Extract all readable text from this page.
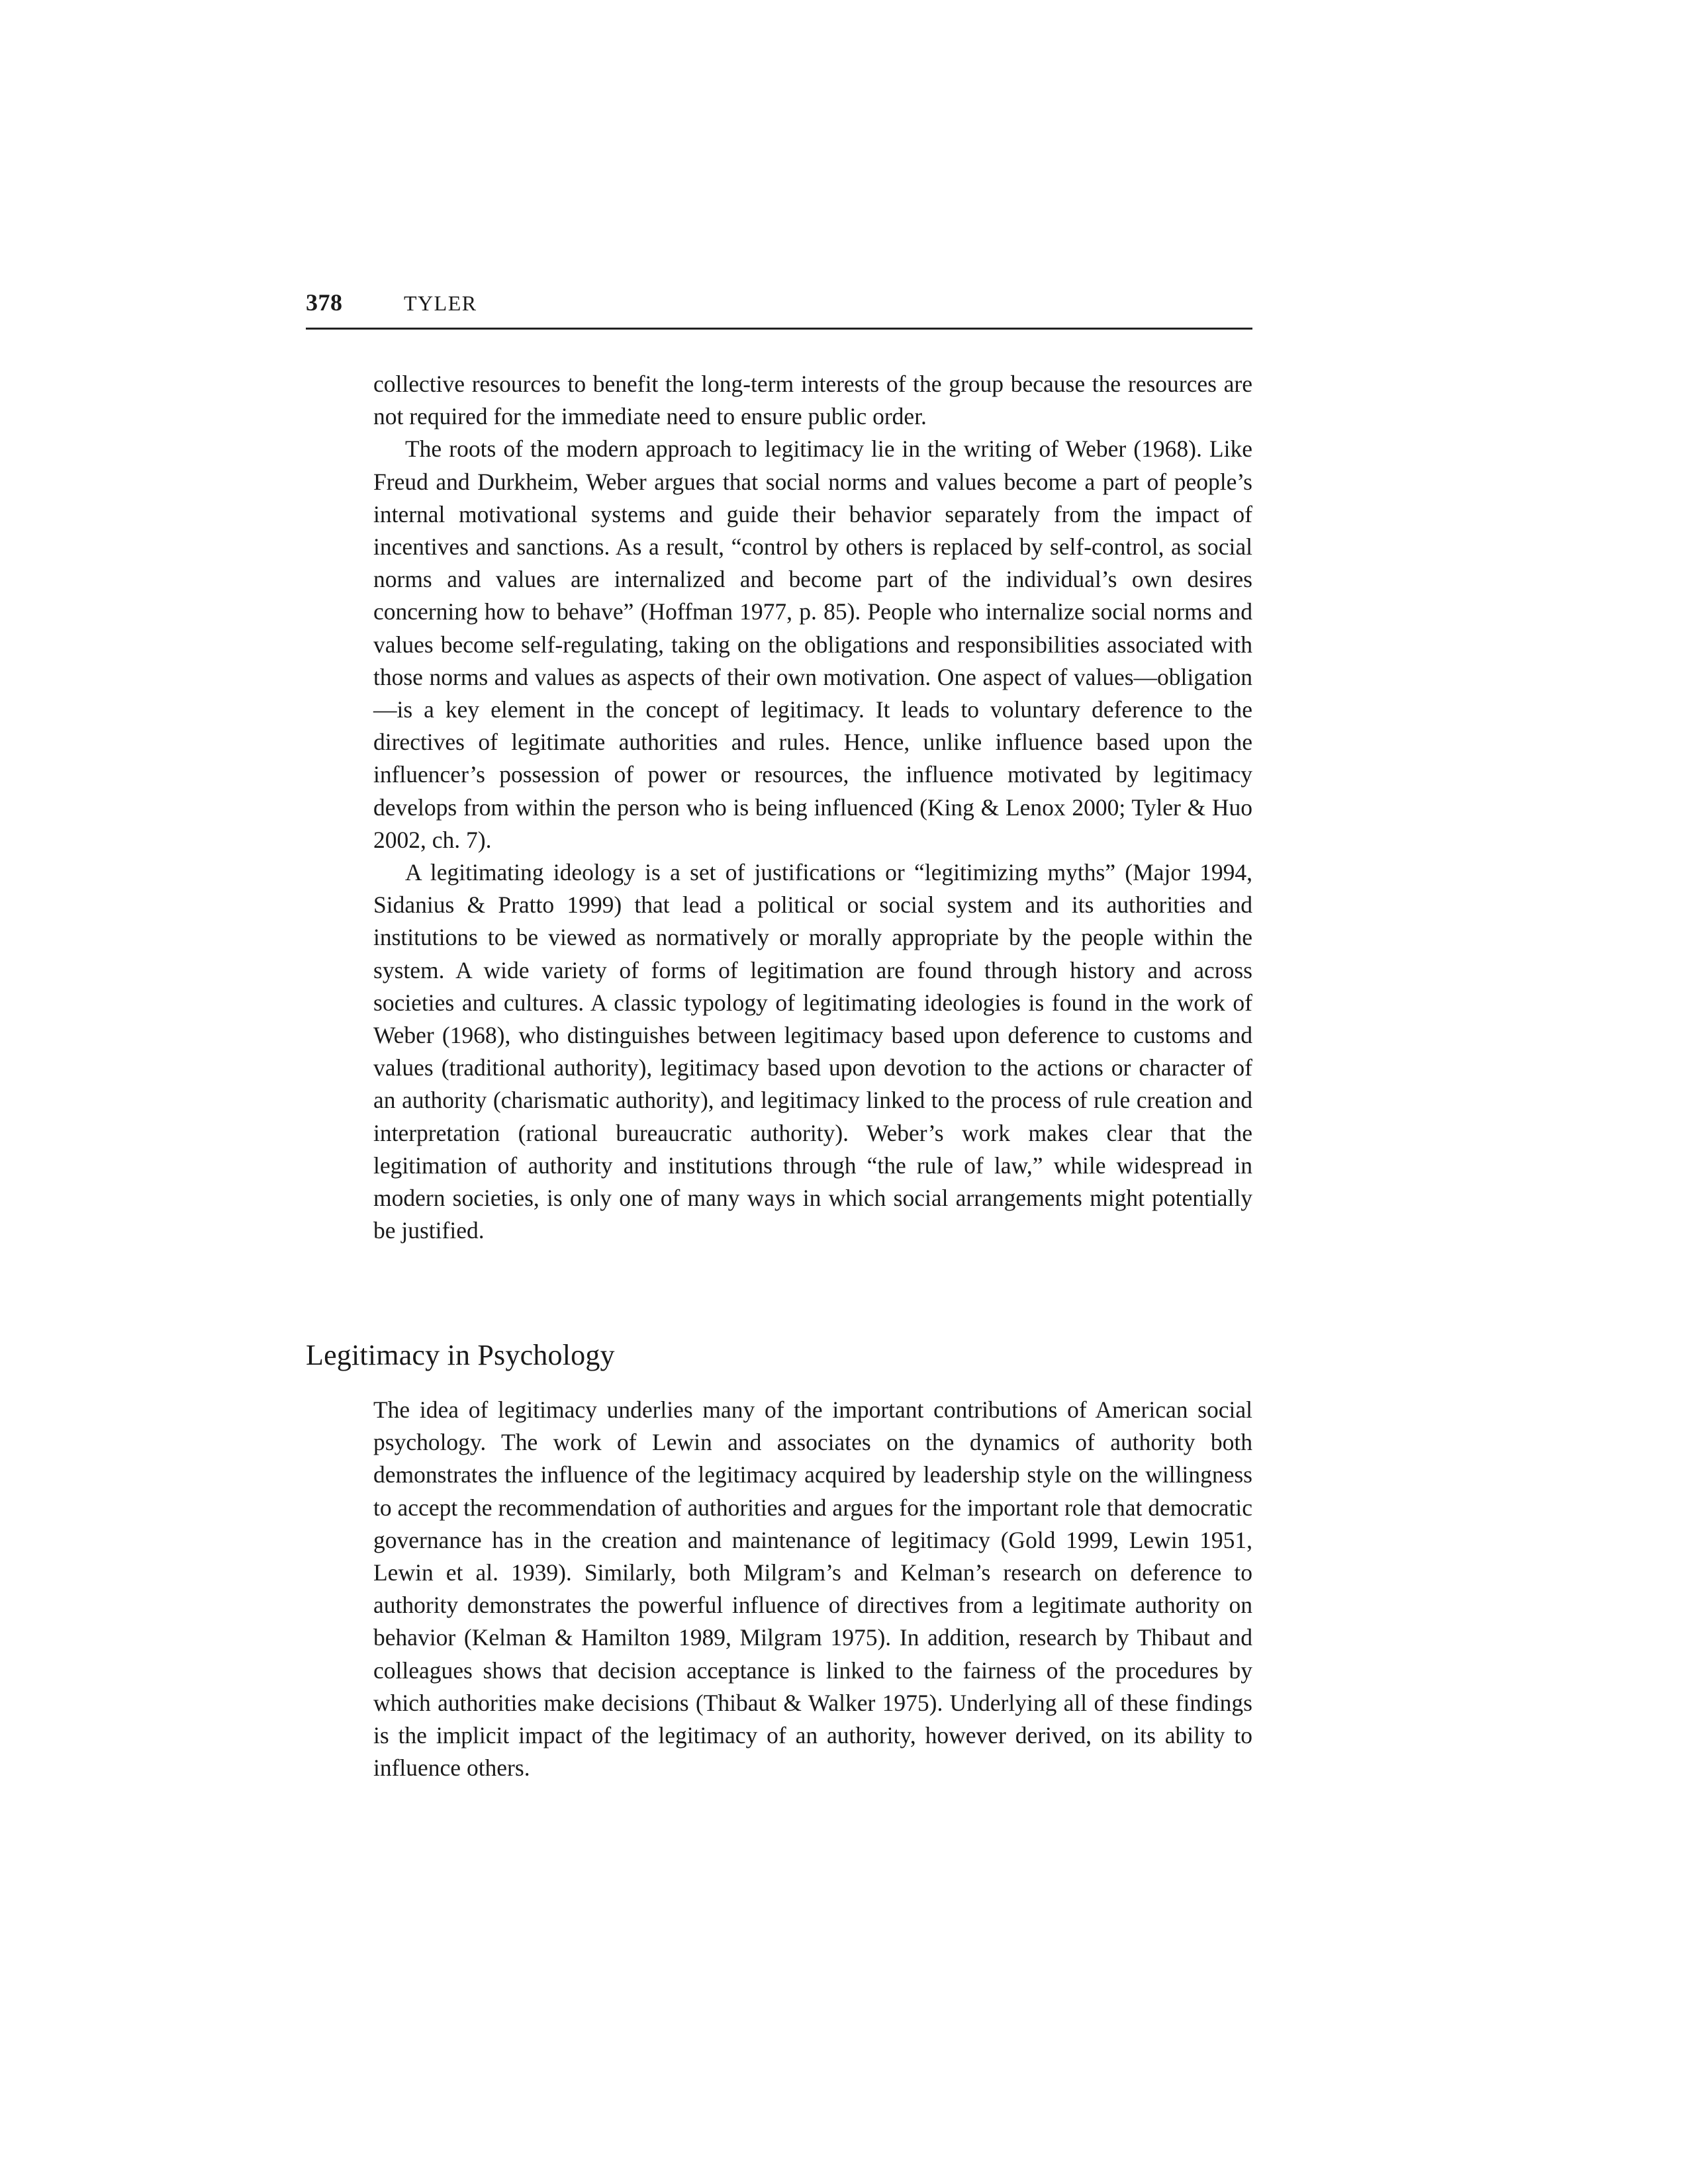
378	TYLER

collective resources to benefit the long-term interests of the group because the resources are not required for the immediate need to ensure public order.

The roots of the modern approach to legitimacy lie in the writing of Weber (1968). Like Freud and Durkheim, Weber argues that social norms and values become a part of people’s internal motivational systems and guide their behavior separately from the impact of incentives and sanctions. As a result, “control by others is replaced by self-control, as social norms and values are internalized and become part of the individual’s own desires concerning how to behave” (Hoffman 1977, p. 85). People who internalize social norms and values become self-regulating, taking on the obligations and responsibilities associated with those norms and values as aspects of their own motivation. One aspect of values—obligation—is a key element in the concept of legitimacy. It leads to voluntary deference to the directives of legitimate authorities and rules. Hence, unlike influence based upon the influencer’s possession of power or resources, the influence motivated by legitimacy develops from within the person who is being influenced (King & Lenox 2000; Tyler & Huo 2002, ch. 7).

A legitimating ideology is a set of justifications or “legitimizing myths” (Major 1994, Sidanius & Pratto 1999) that lead a political or social system and its authorities and institutions to be viewed as normatively or morally appropriate by the people within the system. A wide variety of forms of legitimation are found through history and across societies and cultures. A classic typology of legitimating ideologies is found in the work of Weber (1968), who distinguishes between legitimacy based upon deference to customs and values (traditional authority), legitimacy based upon devotion to the actions or character of an authority (charismatic authority), and legitimacy linked to the process of rule creation and interpretation (rational bureaucratic authority). Weber’s work makes clear that the legitimation of authority and institutions through “the rule of law,” while widespread in modern societies, is only one of many ways in which social arrangements might potentially be justified.

Legitimacy in Psychology

The idea of legitimacy underlies many of the important contributions of American social psychology. The work of Lewin and associates on the dynamics of authority both demonstrates the influence of the legitimacy acquired by leadership style on the willingness to accept the recommendation of authorities and argues for the important role that democratic governance has in the creation and maintenance of legitimacy (Gold 1999, Lewin 1951, Lewin et al. 1939). Similarly, both Milgram’s and Kelman’s research on deference to authority demonstrates the powerful influence of directives from a legitimate authority on behavior (Kelman & Hamilton 1989, Milgram 1975). In addition, research by Thibaut and colleagues shows that decision acceptance is linked to the fairness of the procedures by which authorities make decisions (Thibaut & Walker 1975). Underlying all of these findings is the implicit impact of the legitimacy of an authority, however derived, on its ability to influence others.
